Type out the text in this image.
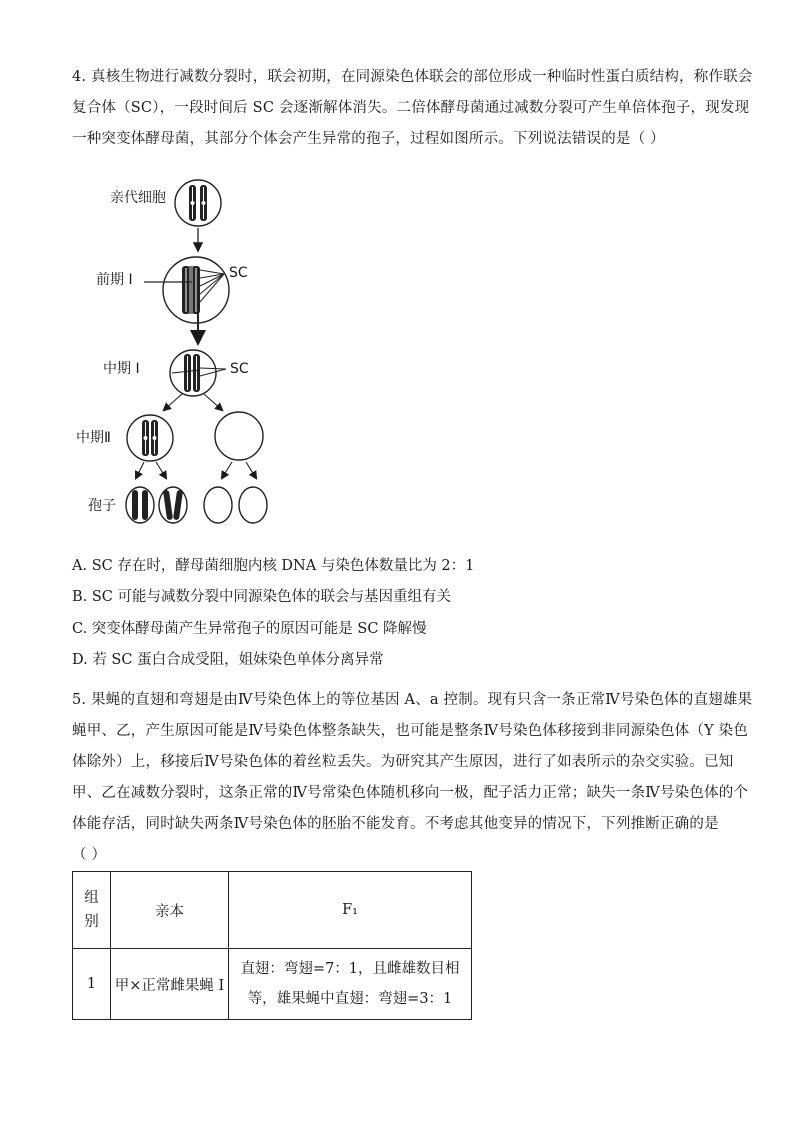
4. 真核生物进行减数分裂时，联会初期，在同源染色体联会的部位形成一种临时性蛋白质结构，称作联会
复合体（SC），一段时间后 SC 会逐渐解体消失。二倍体酵母菌通过减数分裂可产生单倍体孢子，现发现
一种突变体酵母菌，其部分个体会产生异常的孢子，过程如图所示。下列说法错误的是（ ）
亲代细胞
前期 I	SC
中期 I	SC
中期Ⅱ
孢子
A. SC 存在时，酵母菌细胞内核 DNA 与染色体数量比为 2：1
B. SC 可能与减数分裂中同源染色体的联会与基因重组有关
C. 突变体酵母菌产生异常孢子的原因可能是 SC 降解慢
D. 若 SC 蛋白合成受阻，姐妹染色单体分离异常
5. 果蝇的直翅和弯翅是由Ⅳ号染色体上的等位基因 A、a 控制。现有只含一条正常Ⅳ号染色体的直翅雄果
蝇甲、乙，产生原因可能是Ⅳ号染色体整条缺失，也可能是整条Ⅳ号染色体移接到非同源染色体（Y 染色
体除外）上，移接后Ⅳ号染色体的着丝粒丢失。为研究其产生原因，进行了如表所示的杂交实验。已知
甲、乙在减数分裂时，这条正常的Ⅳ号常染色体随机移向一极，配子活力正常；缺失一条Ⅳ号染色体的个
体能存活，同时缺失两条Ⅳ号染色体的胚胎不能发育。不考虑其他变异的情况下，下列推断正确的是
（ ）
组别	亲本	F₁
1	甲×正常雌果蝇 I	直翅：弯翅=7：1，且雌雄数目相
等，雄果蝇中直翅：弯翅=3：1
